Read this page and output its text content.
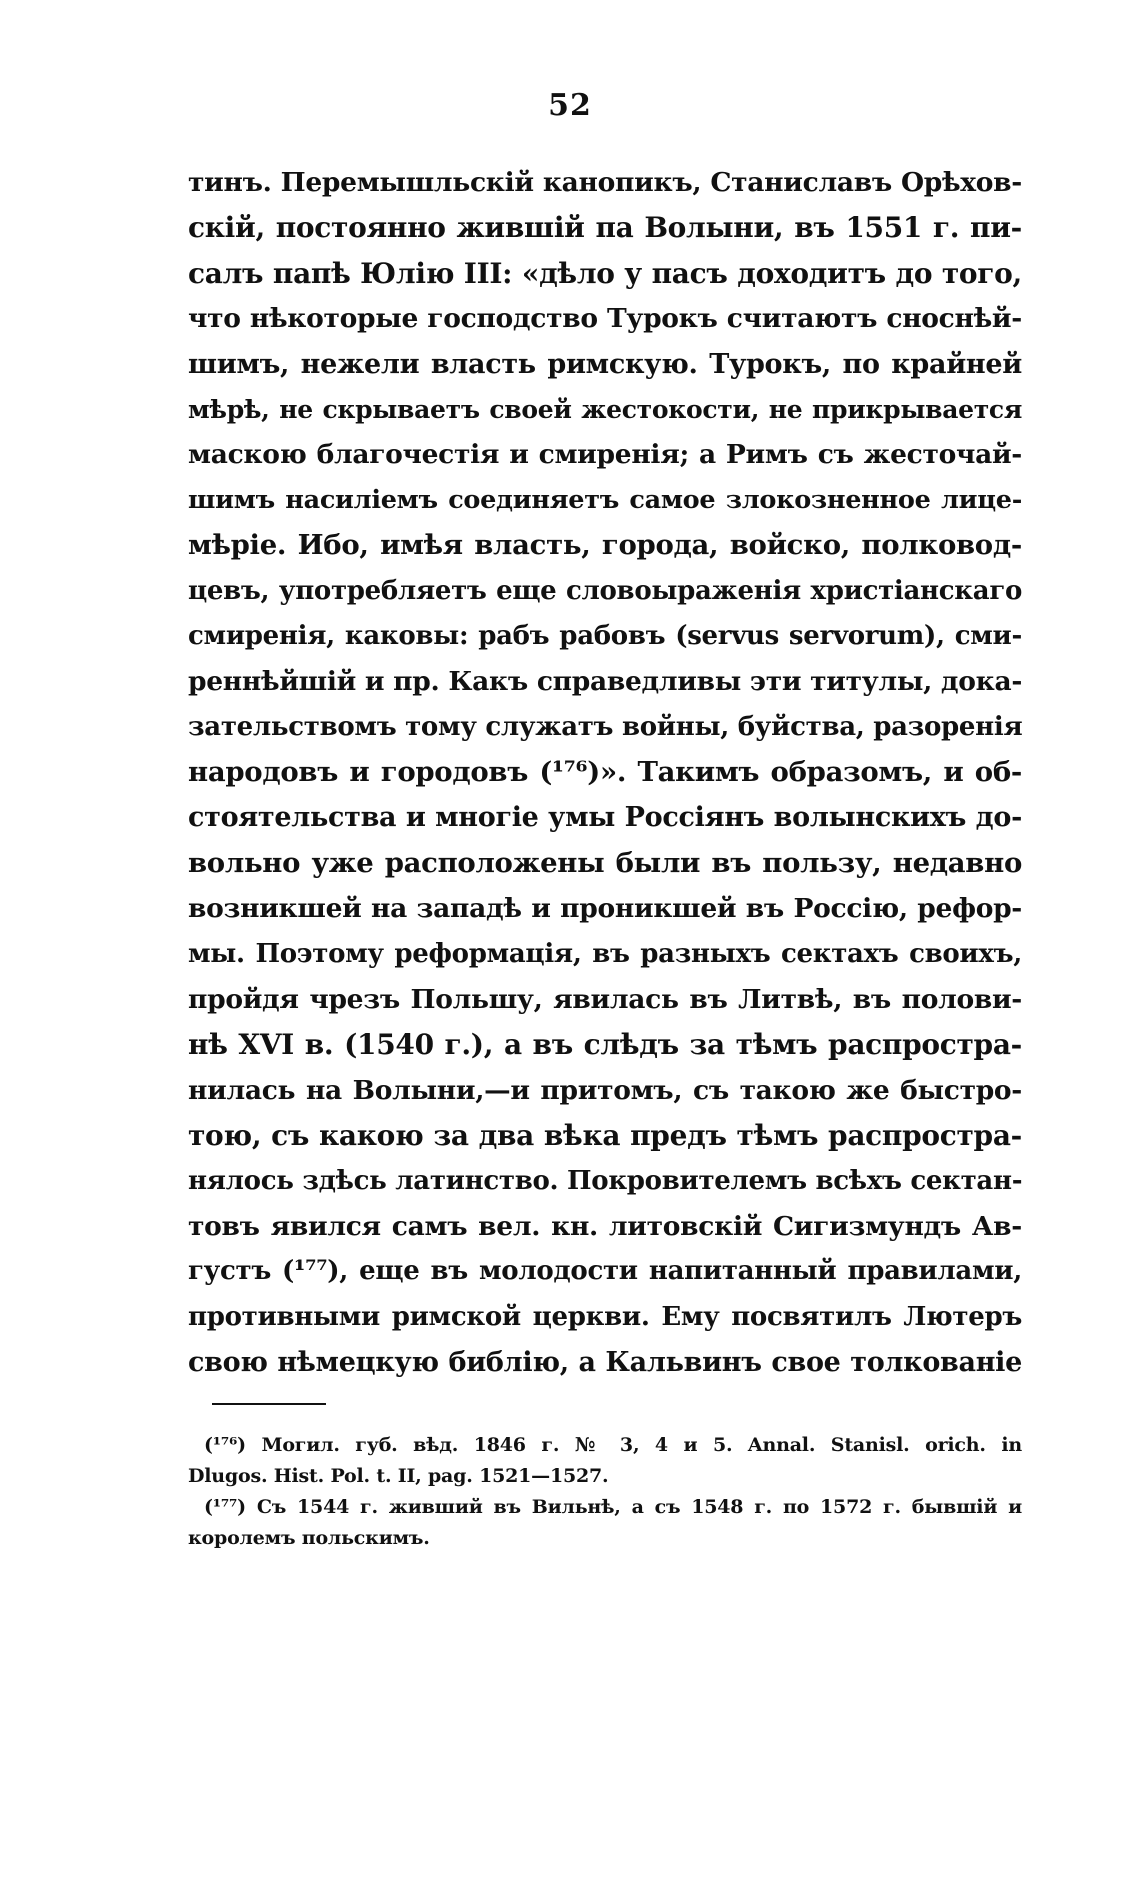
52
тинъ. Перемышльскій канопикъ, Станиславъ Орѣхов-
скій, постоянно жившій па Волыни, въ 1551 г. пи-
салъ папѣ Юлію III: «дѣло у пасъ доходитъ до того,
что нѣкоторые господство Турокъ считаютъ сноснѣй-
шимъ, нежели власть римскую. Турокъ, по крайней
мѣрѣ, не скрываетъ своей жестокости, не прикрывается
маскою благочестія и смиренія; а Римъ съ жесточай-
шимъ насиліемъ соединяетъ самое злокозненное лице-
мѣріе. Ибо, имѣя власть, города, войско, полковод-
цевъ, употребляетъ еще словоыраженія христіанскаго
смиренія, каковы: рабъ рабовъ (servus servorum), сми-
реннѣйшій и пр. Какъ справедливы эти титулы, дока-
зательствомъ тому служатъ войны, буйства, разоренія
народовъ и городовъ (¹⁷⁶)». Такимъ образомъ, и об-
стоятельства и многіе умы Россіянъ волынскихъ до-
вольно уже расположены были въ пользу, недавно
возникшей на западѣ и проникшей въ Россію, рефор-
мы. Поэтому реформація, въ разныхъ сектахъ своихъ,
пройдя чрезъ Польшу, явилась въ Литвѣ, въ полови-
нѣ XVI в. (1540 г.), а въ слѣдъ за тѣмъ распростра-
нилась на Волыни,—и притомъ, съ такою же быстро-
тою, съ какою за два вѣка предъ тѣмъ распростра-
нялось здѣсь латинство. Покровителемъ всѣхъ сектан-
товъ явился самъ вел. кн. литовскій Сигизмундъ Ав-
густъ (¹⁷⁷), еще въ молодости напитанный правилами,
противными римской церкви. Ему посвятилъ Лютеръ
свою нѣмецкую библію, а Кальвинъ свое толкованіе
(¹⁷⁶) Могил. губ. вѣд. 1846 г. № 3, 4 и 5. Annal. Stanisl. orich. in
Dlugos. Hist. Pol. t. II, pag. 1521—1527.
(¹⁷⁷) Съ 1544 г. живший въ Вильнѣ, а съ 1548 г. по 1572 г. бывшій и
королемъ польскимъ.
